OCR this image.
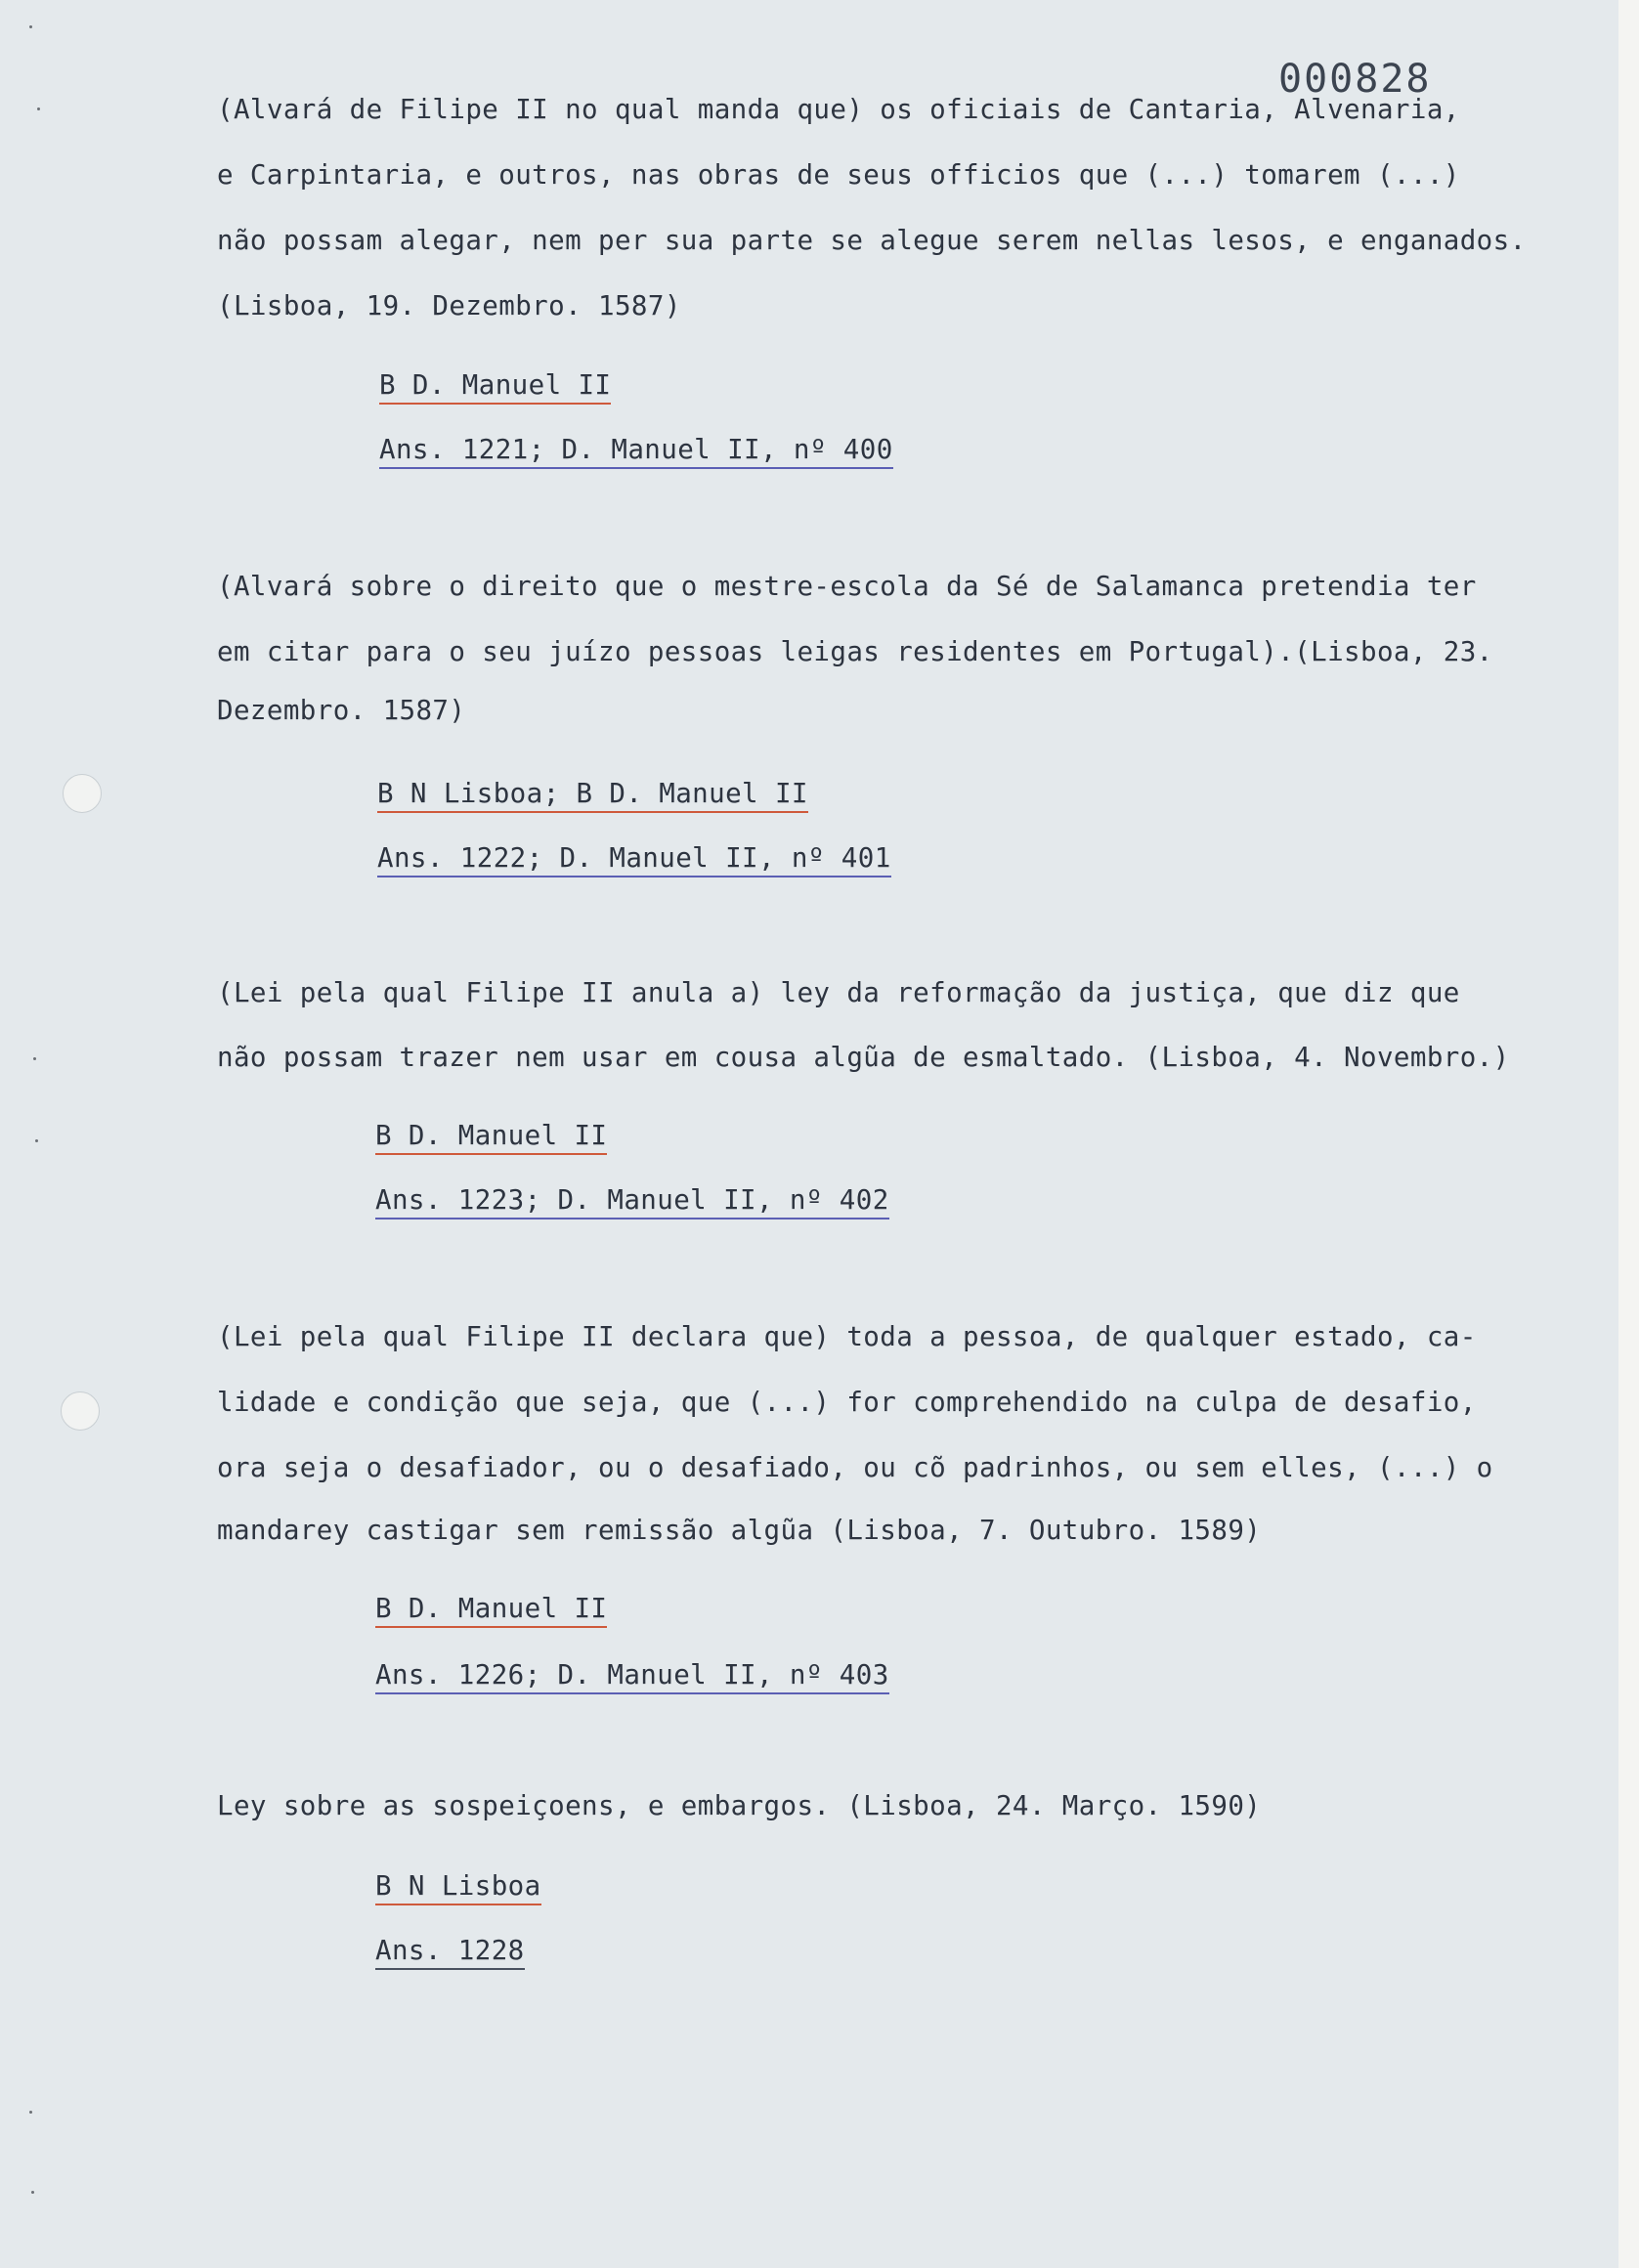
000828

(Alvará de Filipe II no qual manda que) os oficiais de Cantaria, Alvenaria,

e Carpintaria, e outros, nas obras de seus officios que (...) tomarem (...)

não possam alegar, nem per sua parte se alegue serem nellas lesos, e enganados.

(Lisboa, 19. Dezembro. 1587)

B D. Manuel II

Ans. 1221; D. Manuel II, nº 400

(Alvará sobre o direito que o mestre-escola da Sé de Salamanca pretendia ter

em citar para o seu juízo pessoas leigas residentes em Portugal).(Lisboa, 23.

Dezembro. 1587)

B N Lisboa; B D. Manuel II

Ans. 1222; D. Manuel II, nº 401

(Lei pela qual Filipe II anula a) ley da reformação da justiça, que diz que

não possam trazer nem usar em cousa algũa de esmaltado. (Lisboa, 4. Novembro.)

B D. Manuel II

Ans. 1223; D. Manuel II, nº 402

(Lei pela qual Filipe II declara que) toda a pessoa, de qualquer estado, ca-

lidade e condição que seja, que (...) for comprehendido na culpa de desafio,

ora seja o desafiador, ou o desafiado, ou cõ padrinhos, ou sem elles, (...) o

mandarey castigar sem remissão algũa (Lisboa, 7. Outubro. 1589)

B D. Manuel II

Ans. 1226; D. Manuel II, nº 403

Ley sobre as sospeiçoens, e embargos. (Lisboa, 24. Março. 1590)

B N Lisboa

Ans. 1228
